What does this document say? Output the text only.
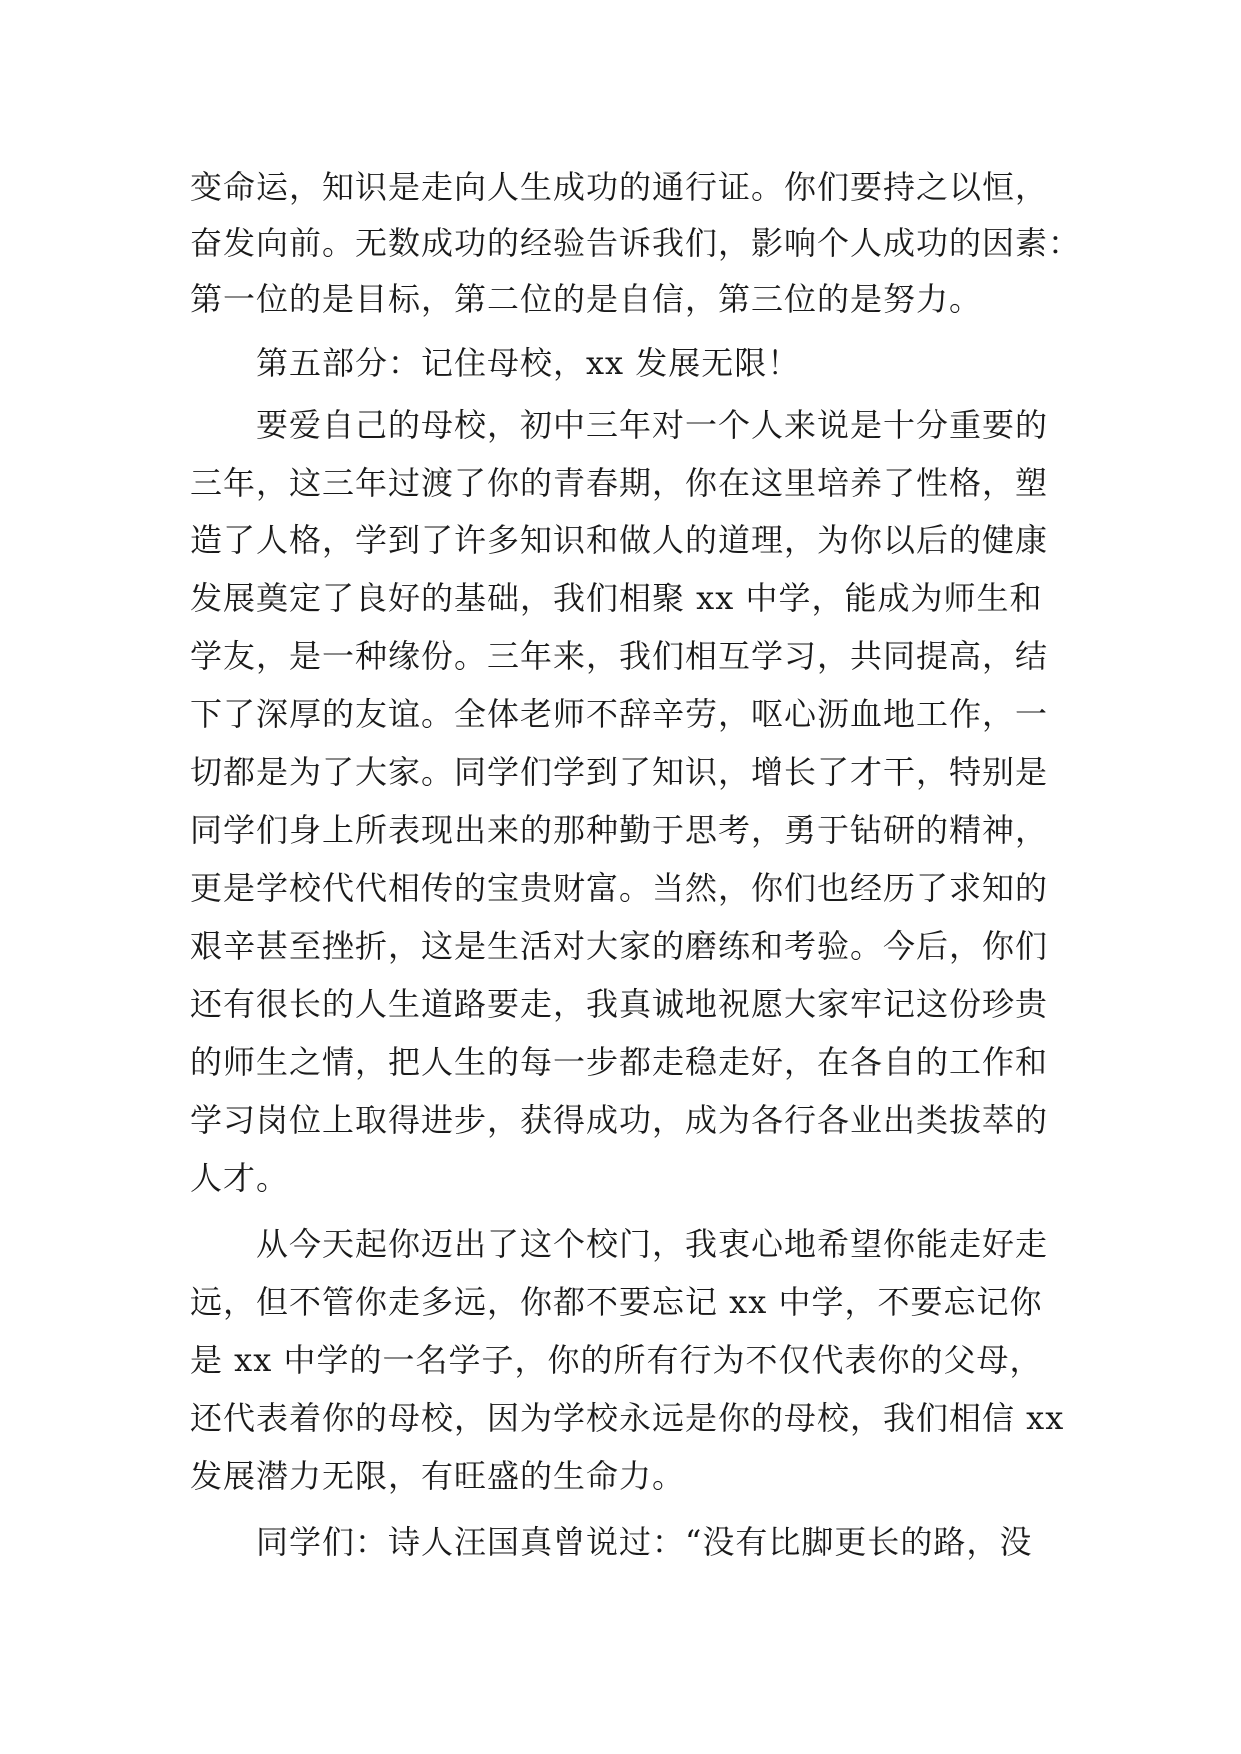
变命运，知识是走向人生成功的通行证。你们要持之以恒，
奋发向前。无数成功的经验告诉我们，影响个人成功的因素：
第一位的是目标，第二位的是自信，第三位的是努力。
第五部分：记住母校，xx 发展无限！
要爱自己的母校，初中三年对一个人来说是十分重要的
三年，这三年过渡了你的青春期，你在这里培养了性格，塑
造了人格，学到了许多知识和做人的道理，为你以后的健康
发展奠定了良好的基础，我们相聚 xx 中学，能成为师生和
学友，是一种缘份。三年来，我们相互学习，共同提高，结
下了深厚的友谊。全体老师不辞辛劳，呕心沥血地工作，一
切都是为了大家。同学们学到了知识，增长了才干，特别是
同学们身上所表现出来的那种勤于思考，勇于钻研的精神，
更是学校代代相传的宝贵财富。当然，你们也经历了求知的
艰辛甚至挫折，这是生活对大家的磨练和考验。今后，你们
还有很长的人生道路要走，我真诚地祝愿大家牢记这份珍贵
的师生之情，把人生的每一步都走稳走好，在各自的工作和
学习岗位上取得进步，获得成功，成为各行各业出类拔萃的
人才。
从今天起你迈出了这个校门，我衷心地希望你能走好走
远，但不管你走多远，你都不要忘记 xx 中学，不要忘记你
是 xx 中学的一名学子，你的所有行为不仅代表你的父母，
还代表着你的母校，因为学校永远是你的母校，我们相信 xx
发展潜力无限，有旺盛的生命力。
同学们：诗人汪国真曾说过：“没有比脚更长的路，没
